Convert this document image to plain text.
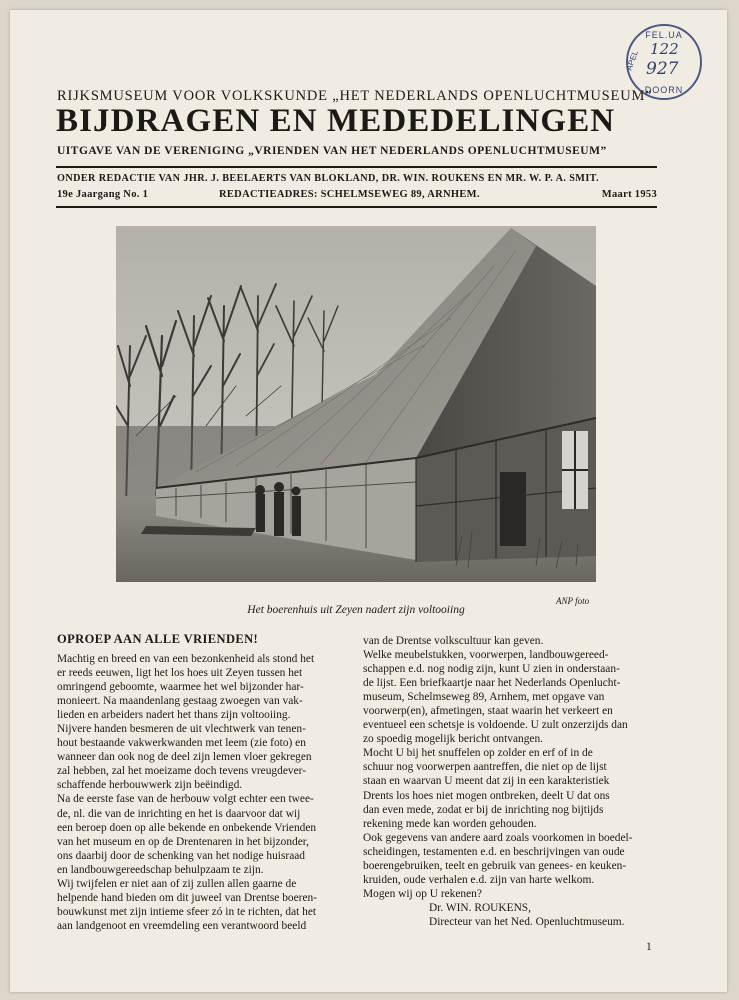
FEL.UA
APEL
122
927
DOORN
RIJKSMUSEUM VOOR VOLKSKUNDE „HET NEDERLANDS OPENLUCHTMUSEUM”
BIJDRAGEN EN MEDEDELINGEN
UITGAVE VAN DE VERENIGING „VRIENDEN VAN HET NEDERLANDS OPENLUCHTMUSEUM”
ONDER REDACTIE VAN JHR. J. BEELAERTS VAN BLOKLAND, DR. WIN. ROUKENS EN MR. W. P. A. SMIT.
19e Jaargang No. 1	REDACTIEADRES: SCHELMSEWEG 89, ARNHEM.	Maart 1953
ANP foto
Het boerenhuis uit Zeyen nadert zijn voltooiing
OPROEP AAN ALLE VRIENDEN!

Machtig en breed en van een bezonkenheid als stond het

er reeds eeuwen, ligt het los hoes uit Zeyen tussen het

omringend geboomte, waarmee het wel bijzonder har-

monieert. Na maandenlang gestaag zwoegen van vak-

lieden en arbeiders nadert het thans zijn voltooiing.

Nijvere handen besmeren de uit vlechtwerk van tenen-

hout bestaande vakwerkwanden met leem (zie foto) en

wanneer dan ook nog de deel zijn lemen vloer gekregen

zal hebben, zal het moeizame doch tevens vreugdever-

schaffende herbouwwerk zijn beëindigd.

Na de eerste fase van de herbouw volgt echter een twee-

de, nl. die van de inrichting en het is daarvoor dat wij

een beroep doen op alle bekende en onbekende Vrienden

van het museum en op de Drentenaren in het bijzonder,

ons daarbij door de schenking van het nodige huisraad

en landbouwgereedschap behulpzaam te zijn.

Wij twijfelen er niet aan of zij zullen allen gaarne de

helpende hand bieden om dit juweel van Drentse boeren-

bouwkunst met zijn intieme sfeer zó in te richten, dat het

aan landgenoot en vreemdeling een verantwoord beeld

van de Drentse volkscultuur kan geven.

Welke meubelstukken, voorwerpen, landbouwgereed-

schappen e.d. nog nodig zijn, kunt U zien in onderstaan-

de lijst. Een briefkaartje naar het Nederlands Openlucht-

museum, Schelmseweg 89, Arnhem, met opgave van

voorwerp(en), afmetingen, staat waarin het verkeert en

eventueel een schetsje is voldoende. U zult onzerzijds dan

zo spoedig mogelijk bericht ontvangen.

Mocht U bij het snuffelen op zolder en erf of in de

schuur nog voorwerpen aantreffen, die niet op de lijst

staan en waarvan U meent dat zij in een karakteristiek

Drents los hoes niet mogen ontbreken, deelt U dat ons

dan even mede, zodat er bij de inrichting nog bijtijds

rekening mede kan worden gehouden.

Ook gegevens van andere aard zoals voorkomen in boedel-

scheidingen, testamenten e.d. en beschrijvingen van oude

boerengebruiken, teelt en gebruik van genees- en keuken-

kruiden, oude verhalen e.d. zijn van harte welkom.

Mogen wij op U rekenen?

Dr. WIN. ROUKENS,

Directeur van het Ned. Openluchtmuseum.

1
